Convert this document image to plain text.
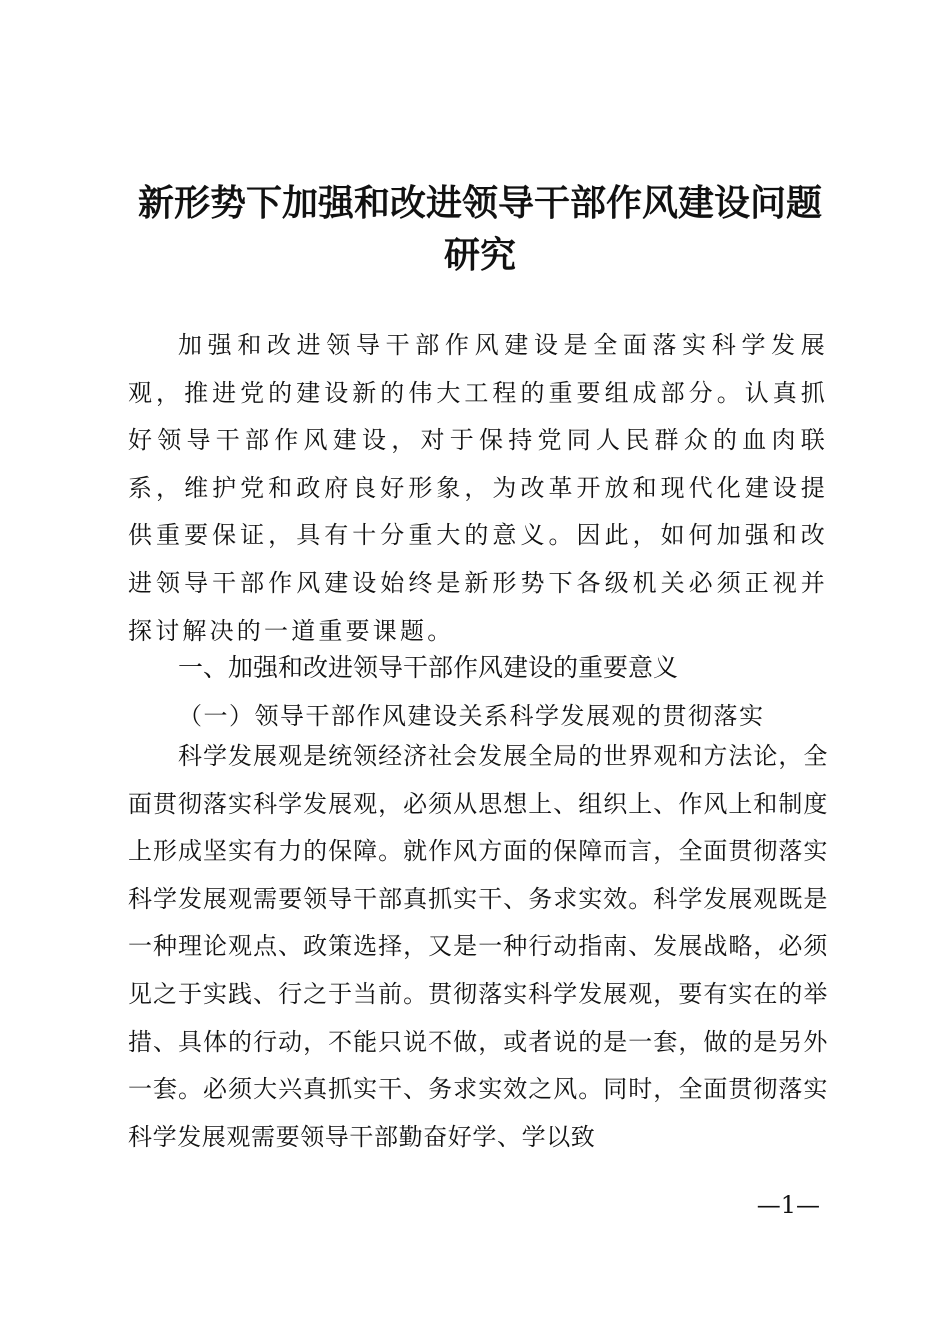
新形势下加强和改进领导干部作风建设问题研究
加强和改进领导干部作风建设是全面落实科学发展观，推进党的建设新的伟大工程的重要组成部分。认真抓好领导干部作风建设，对于保持党同人民群众的血肉联系，维护党和政府良好形象，为改革开放和现代化建设提供重要保证，具有十分重大的意义。因此，如何加强和改进领导干部作风建设始终是新形势下各级机关必须正视并探讨解决的一道重要课题。
一、加强和改进领导干部作风建设的重要意义
（一）领导干部作风建设关系科学发展观的贯彻落实
科学发展观是统领经济社会发展全局的世界观和方法论，全面贯彻落实科学发展观，必须从思想上、组织上、作风上和制度上形成坚实有力的保障。就作风方面的保障而言，全面贯彻落实科学发展观需要领导干部真抓实干、务求实效。科学发展观既是一种理论观点、政策选择，又是一种行动指南、发展战略，必须见之于实践、行之于当前。贯彻落实科学发展观，要有实在的举措、具体的行动，不能只说不做，或者说的是一套，做的是另外一套。必须大兴真抓实干、务求实效之风。同时，全面贯彻落实科学发展观需要领导干部勤奋好学、学以致
—1—
